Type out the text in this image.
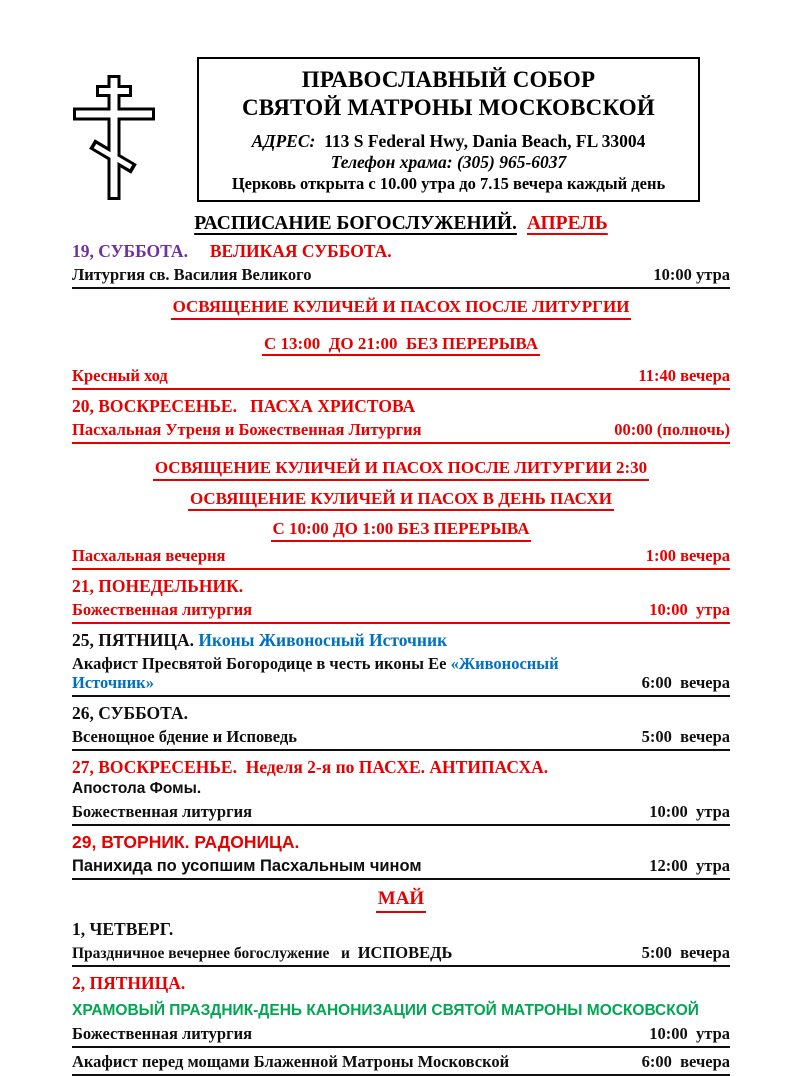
ПРАВОСЛАВНЫЙ СОБОР
СВЯТОЙ МАТРОНЫ МОСКОВСКОЙ
АДРЕС:  113 S Federal Hwy, Dania Beach, FL 33004
Телефон храма: (305) 965-6037
Церковь открыта с 10.00 утра до 7.15 вечера каждый день
РАСПИСАНИЕ БОГОСЛУЖЕНИЙ. АПРЕЛЬ
19, СУББОТА. ВЕЛИКАЯ СУББОТА.
Литургия св. Василия Великого	10:00 утра
ОСВЯЩЕНИЕ КУЛИЧЕЙ И ПАСОХ ПОСЛЕ ЛИТУРГИИ
С 13:00  ДО 21:00  БЕЗ ПЕРЕРЫВА
Кресный ход	11:40 вечера
20, ВОСКРЕСЕНЬЕ.   ПАСХА ХРИСТОВА
Пасхальная Утреня и Божественная Литургия	00:00 (полночь)
ОСВЯЩЕНИЕ КУЛИЧЕЙ И ПАСОХ ПОСЛЕ ЛИТУРГИИ 2:30
ОСВЯЩЕНИЕ КУЛИЧЕЙ И ПАСОХ В ДЕНЬ ПАСХИ
С 10:00 ДО 1:00 БЕЗ ПЕРЕРЫВА
Пасхальная вечерня	1:00 вечера
21, ПОНЕДЕЛЬНИК.
Божественная литургия	10:00  утра
25, ПЯТНИЦА. Иконы Живоносный Источник
Акафист Пресвятой Богородице в честь иконы Ее «Живоносный Источник»	6:00  вечера
26, СУББОТА.
Всенощное бдение и Исповедь	5:00  вечера
27, ВОСКРЕСЕНЬЕ.  Неделя 2-я по ПАСХЕ. АНТИПАСХА.
Апостола Фомы.
Божественная литургия	10:00  утра
29, ВТОРНИК. РАДОНИЦА.
Панихида по усопшим Пасхальным чином	12:00  утра
МАЙ
1, ЧЕТВЕРГ.
Праздничное вечернее богослужение   и  ИСПОВЕДЬ	5:00  вечера
2, ПЯТНИЦА.
ХРАМОВЫЙ ПРАЗДНИК-ДЕНЬ КАНОНИЗАЦИИ СВЯТОЙ МАТРОНЫ МОСКОВСКОЙ
Божественная литургия	10:00  утра
Акафист перед мощами Блаженной Матроны Московской	6:00  вечера
